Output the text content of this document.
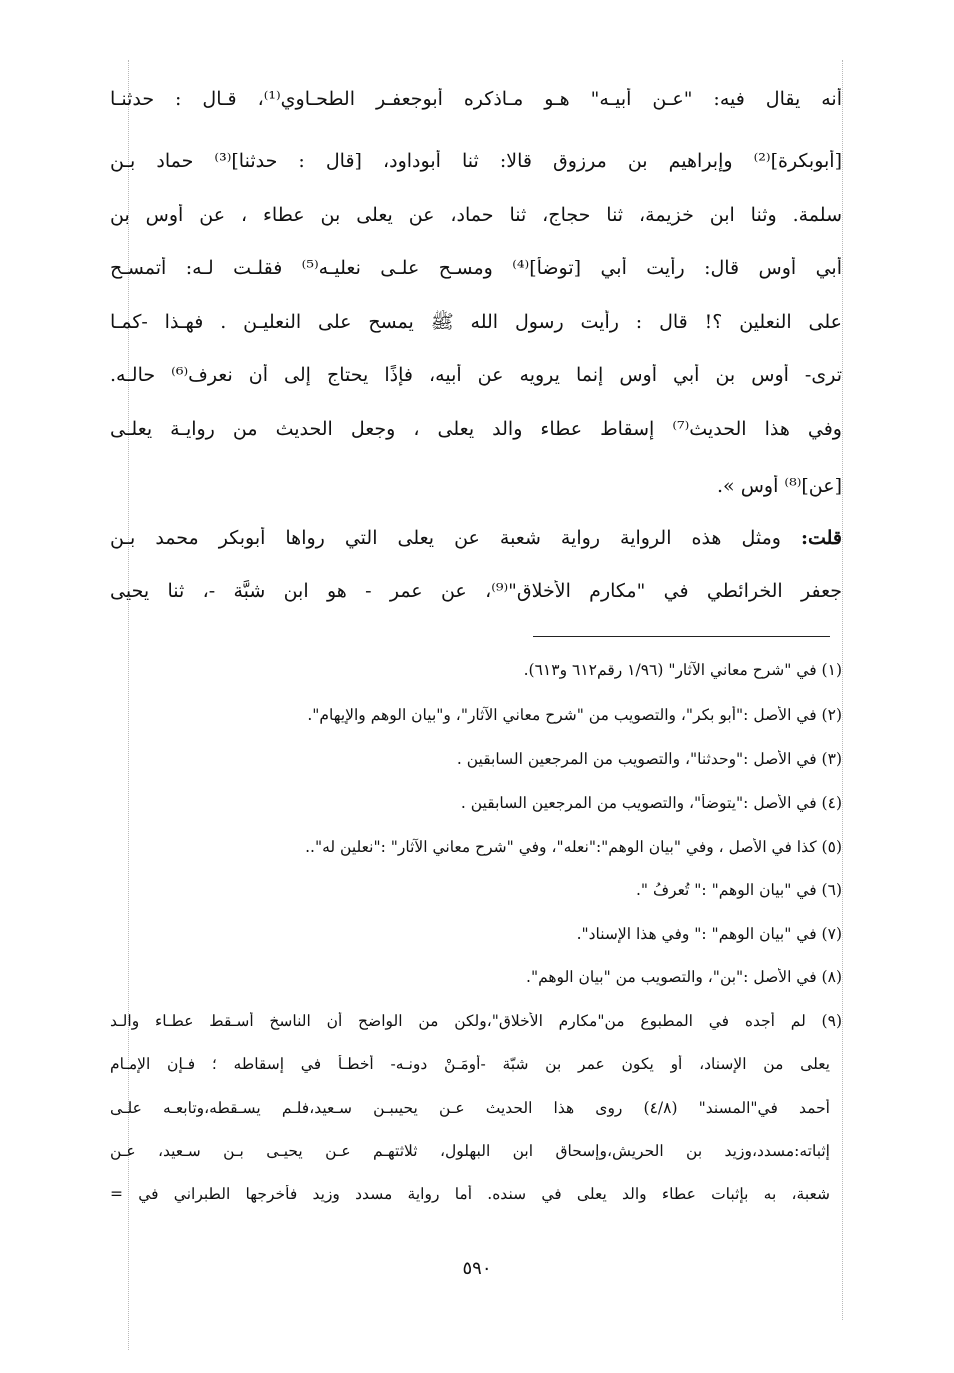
أنه يقال فيه: "عـن أبيـه" هـو مـاذكره أبوجعفـر الطحـاوي⁽¹⁾، قـال : حدثنـا
[أبوبكرة]⁽²⁾ وإبراهيم بن مرزوق قالا: ثنا أبوداود، [قال : حدثنا]⁽³⁾ حماد بـن
سلمة. وثنا ابن خزيمة، ثنا حجاج، ثنا حماد، عن يعلى بن عطاء ، عن أوس بن
أبي أوس قال: رأيت أبي [توضأ]⁽⁴⁾ ومسـح علـى نعليـه⁽⁵⁾ فقلـت لـه: أتمسـح
على النعلين ؟! قال : رأيت رسول الله ﷺ يمسح على النعليـن . فهـذا -كمـا
ترى- أوس بن أبي أوس إنما يرويه عن أبيه، فإذًا يحتاج إلى أن نعرف⁽⁶⁾ حالـه.
وفي هذا الحديث⁽⁷⁾ إسقاط عطاء والد يعلى ، وجعل الحديث من روايـة يعلـى
[عن]⁽⁸⁾ أوس ».
قلت: ومثل هذه الرواية رواية شعبة عن يعلى التي رواها أبوبكر محمد بـن
جعفر الخرائطي في "مكارم الأخلاق"⁽⁹⁾، عن عمر - هو ابن شبَّة -، ثنا يحيى
(١) في "شرح معاني الآثار" (١/٩٦ رقم٦١٢ و٦١٣).
(٢) في الأصل :"أبو بكر"، والتصويب من "شرح معاني الآثار"، و"بيان الوهم والإيهام".
(٣) في الأصل :"وحدثنا"، والتصويب من المرجعين السابقين .
(٤) في الأصل :"يتوضأ"، والتصويب من المرجعين السابقين .
(٥) كذا في الأصل ، وفي "بيان الوهم":"نعله"، وفي "شرح معاني الآثار" :"نعلين له"..
(٦) في "بيان الوهم" :" تُعرفُ ".
(٧) في "بيان الوهم" :" وفي هذا الإسناد".
(٨) في الأصل :"بن"، والتصويب من "بيان الوهم".
(٩) لم أجده في المطبوع من"مكارم الأخلاق"،ولكن من الواضح أن الناسخ أسـقط عطـاء والـد
يعلى من الإسناد، أو يكون عمر بن شبّة -أومَـنْ دونـه- أخطـأ في إسقاطه ؛ فـإن الإمـام
أحمد في"المسند" (٤/٨) روى هذا الحديث عـن يحيىبـن سـعيد،فلـم يسـقطه،وتابعـه علـى
إثباته:مسدد،وزيد بن الحريش،وإسحاق ابن البهلول، ثلاثتهـم عـن يحيـى بـن سـعيد، عـن
شعبة، به بإثبات عطاء والد يعلى في سنده. أما رواية مسدد وزيد فأخرجها الطبراني في =
٥٩٠
